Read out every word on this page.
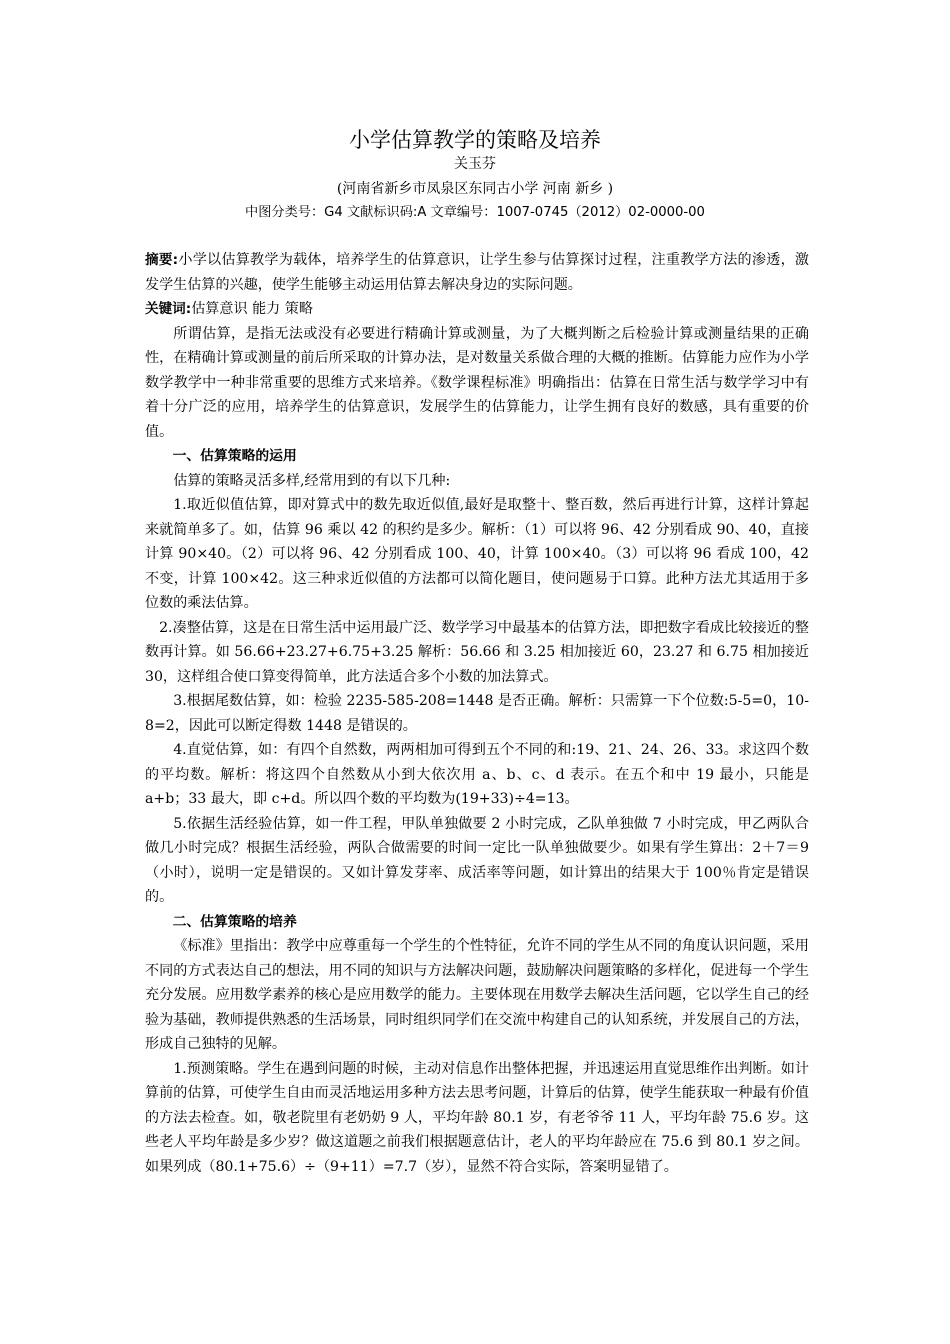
小学估算教学的策略及培养
关玉芬
(河南省新乡市凤泉区东同古小学 河南 新乡 )
中图分类号：G4 文献标识码:A 文章编号：1007-0745（2012）02-0000-00

摘要:小学以估算教学为载体，培养学生的估算意识，让学生参与估算探讨过程，注重教学方法的渗透，激发学生估算的兴趣，使学生能够主动运用估算去解决身边的实际问题。

关键词:估算意识 能力 策略

所谓估算，是指无法或没有必要进行精确计算或测量，为了大概判断之后检验计算或测量结果的正确性，在精确计算或测量的前后所采取的计算办法，是对数量关系做合理的大概的推断。估算能力应作为小学数学教学中一种非常重要的思维方式来培养。《数学课程标准》明确指出：估算在日常生活与数学学习中有着十分广泛的应用，培养学生的估算意识，发展学生的估算能力，让学生拥有良好的数感，具有重要的价值。

一、估算策略的运用

估算的策略灵活多样,经常用到的有以下几种:

1.取近似值估算，即对算式中的数先取近似值,最好是取整十、整百数，然后再进行计算，这样计算起来就简单多了。如，估算 96 乘以 42 的积约是多少。解析：（1）可以将 96、42 分别看成 90、40，直接计算 90×40。（2）可以将 96、42 分别看成 100、40，计算 100×40。（3）可以将 96 看成 100，42 不变，计算 100×42。这三种求近似值的方法都可以简化题目，使问题易于口算。此种方法尤其适用于多位数的乘法估算。

2.凑整估算，这是在日常生活中运用最广泛、数学学习中最基本的估算方法，即把数字看成比较接近的整数再计算。如 56.66+23.27+6.75+3.25 解析：56.66 和 3.25 相加接近 60，23.27 和 6.75 相加接近 30，这样组合使口算变得简单，此方法适合多个小数的加法算式。

3.根据尾数估算，如：检验 2235-585-208=1448 是否正确。解析：只需算一下个位数:5-5=0，10-8=2，因此可以断定得数 1448 是错误的。

4.直觉估算，如：有四个自然数，两两相加可得到五个不同的和:19、21、24、26、33。求这四个数的平均数。解析：将这四个自然数从小到大依次用 a、b、c、d 表示。在五个和中 19 最小，只能是 a+b；33 最大，即 c+d。所以四个数的平均数为(19+33)÷4=13。

5.依据生活经验估算，如一件工程，甲队单独做要 2 小时完成，乙队单独做 7 小时完成，甲乙两队合做几小时完成？根据生活经验，两队合做需要的时间一定比一队单独做要少。如果有学生算出：2＋7＝9（小时），说明一定是错误的。又如计算发芽率、成活率等问题，如计算出的结果大于 100％肯定是错误的。

二、估算策略的培养

《标准》里指出：教学中应尊重每一个学生的个性特征，允许不同的学生从不同的角度认识问题，采用不同的方式表达自己的想法，用不同的知识与方法解决问题，鼓励解决问题策略的多样化，促进每一个学生充分发展。应用数学素养的核心是应用数学的能力。主要体现在用数学去解决生活问题，它以学生自己的经验为基础，教师提供熟悉的生活场景，同时组织同学们在交流中构建自己的认知系统，并发展自己的方法，形成自己独特的见解。

1.预测策略。学生在遇到问题的时候，主动对信息作出整体把握，并迅速运用直觉思维作出判断。如计算前的估算，可使学生自由而灵活地运用多种方法去思考问题，计算后的估算，使学生能获取一种最有价值的方法去检查。如，敬老院里有老奶奶 9 人，平均年龄 80.1 岁，有老爷爷 11 人，平均年龄 75.6 岁。这些老人平均年龄是多少岁？做这道题之前我们根据题意估计，老人的平均年龄应在 75.6 到 80.1 岁之间。如果列成（80.1+75.6）÷（9+11）=7.7（岁），显然不符合实际，答案明显错了。
